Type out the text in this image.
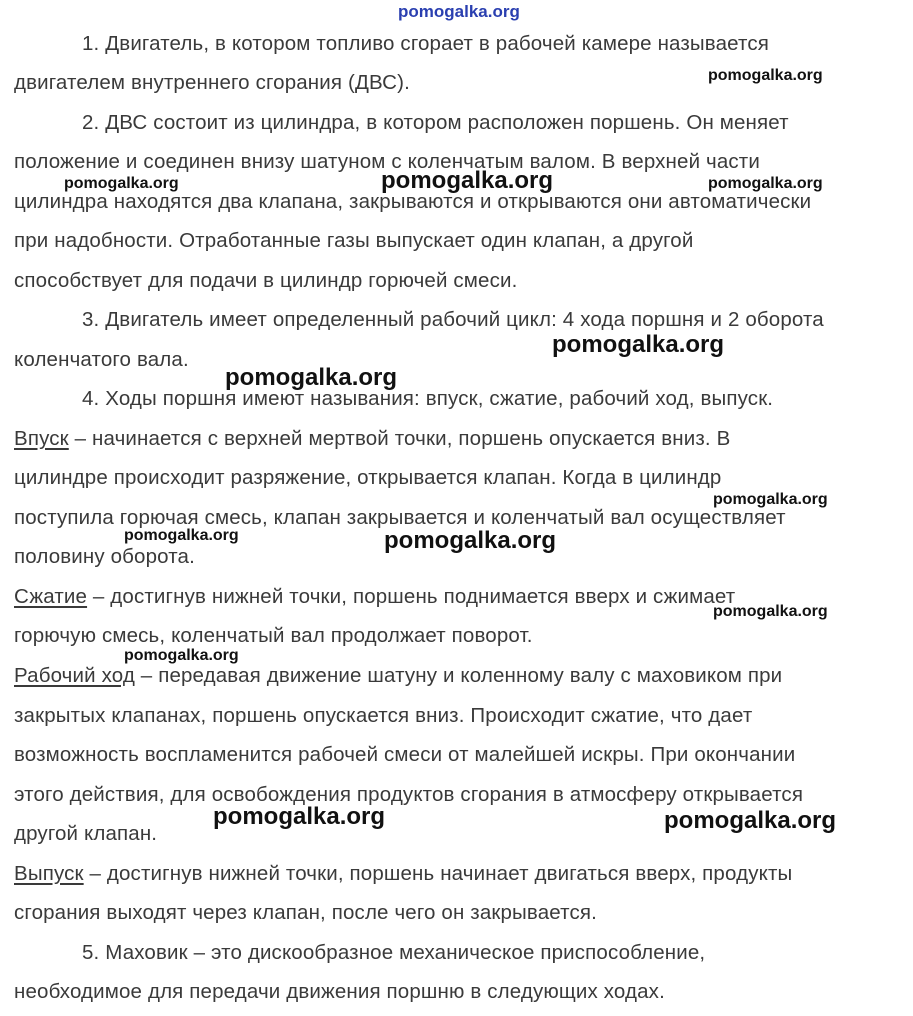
1. Двигатель, в котором топливо сгорает в рабочей камере называется
двигателем внутреннего сгорания (ДВС).
2. ДВС состоит из цилиндра, в котором расположен поршень. Он меняет
положение и соединен внизу шатуном с коленчатым валом. В верхней части
цилиндра находятся два клапана, закрываются и открываются они автоматически
при надобности. Отработанные газы выпускает один клапан, а другой
способствует для подачи в цилиндр горючей смеси.
3. Двигатель имеет определенный рабочий цикл: 4 хода поршня и 2 оборота
коленчатого вала.
4. Ходы поршня имеют называния: впуск, сжатие, рабочий ход, выпуск.
Впуск – начинается с верхней мертвой точки, поршень опускается вниз. В
цилиндре происходит разряжение, открывается клапан. Когда в цилиндр
поступила горючая смесь, клапан закрывается и коленчатый вал осуществляет
половину оборота.
Сжатие – достигнув нижней точки, поршень поднимается вверх и сжимает
горючую смесь, коленчатый вал продолжает поворот.
Рабочий ход – передавая движение шатуну и коленному валу с маховиком при
закрытых клапанах, поршень опускается вниз. Происходит сжатие, что дает
возможность воспламенится рабочей смеси от малейшей искры. При окончании
этого действия, для освобождения продуктов сгорания в атмосферу открывается
другой клапан.
Выпуск – достигнув нижней точки, поршень начинает двигаться вверх, продукты
сгорания выходят через клапан, после чего он закрывается.
5. Маховик – это дискообразное механическое приспособление,
необходимое для передачи движения поршню в следующих ходах.
pomogalka.org
pomogalka.org
pomogalka.org	pomogalka.org	pomogalka.org
pomogalka.org
pomogalka.org
pomogalka.org
pomogalka.org	pomogalka.org
pomogalka.org
pomogalka.org
pomogalka.org	pomogalka.org
